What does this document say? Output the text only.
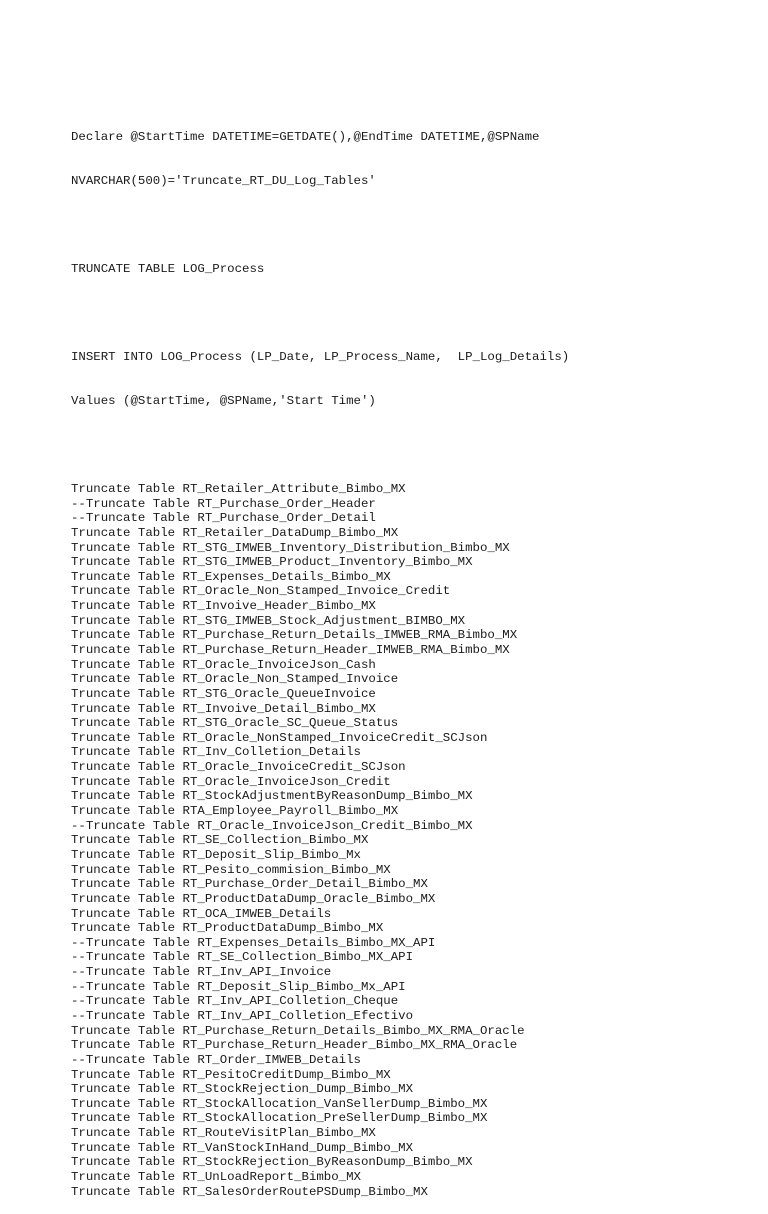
Declare @StartTime DATETIME=GETDATE(),@EndTime DATETIME,@SPName

NVARCHAR(500)='Truncate_RT_DU_Log_Tables'

TRUNCATE TABLE LOG_Process

INSERT INTO LOG_Process (LP_Date, LP_Process_Name,  LP_Log_Details)

Values (@StartTime, @SPName,'Start Time')

Truncate Table RT_Retailer_Attribute_Bimbo_MX
--Truncate Table RT_Purchase_Order_Header
--Truncate Table RT_Purchase_Order_Detail
Truncate Table RT_Retailer_DataDump_Bimbo_MX
Truncate Table RT_STG_IMWEB_Inventory_Distribution_Bimbo_MX
Truncate Table RT_STG_IMWEB_Product_Inventory_Bimbo_MX
Truncate Table RT_Expenses_Details_Bimbo_MX
Truncate Table RT_Oracle_Non_Stamped_Invoice_Credit
Truncate Table RT_Invoive_Header_Bimbo_MX
Truncate Table RT_STG_IMWEB_Stock_Adjustment_BIMBO_MX
Truncate Table RT_Purchase_Return_Details_IMWEB_RMA_Bimbo_MX
Truncate Table RT_Purchase_Return_Header_IMWEB_RMA_Bimbo_MX
Truncate Table RT_Oracle_InvoiceJson_Cash
Truncate Table RT_Oracle_Non_Stamped_Invoice
Truncate Table RT_STG_Oracle_QueueInvoice
Truncate Table RT_Invoive_Detail_Bimbo_MX
Truncate Table RT_STG_Oracle_SC_Queue_Status
Truncate Table RT_Oracle_NonStamped_InvoiceCredit_SCJson
Truncate Table RT_Inv_Colletion_Details
Truncate Table RT_Oracle_InvoiceCredit_SCJson
Truncate Table RT_Oracle_InvoiceJson_Credit
Truncate Table RT_StockAdjustmentByReasonDump_Bimbo_MX
Truncate Table RTA_Employee_Payroll_Bimbo_MX
--Truncate Table RT_Oracle_InvoiceJson_Credit_Bimbo_MX
Truncate Table RT_SE_Collection_Bimbo_MX
Truncate Table RT_Deposit_Slip_Bimbo_Mx
Truncate Table RT_Pesito_commision_Bimbo_MX
Truncate Table RT_Purchase_Order_Detail_Bimbo_MX
Truncate Table RT_ProductDataDump_Oracle_Bimbo_MX
Truncate Table RT_OCA_IMWEB_Details
Truncate Table RT_ProductDataDump_Bimbo_MX
--Truncate Table RT_Expenses_Details_Bimbo_MX_API
--Truncate Table RT_SE_Collection_Bimbo_MX_API
--Truncate Table RT_Inv_API_Invoice
--Truncate Table RT_Deposit_Slip_Bimbo_Mx_API
--Truncate Table RT_Inv_API_Colletion_Cheque
--Truncate Table RT_Inv_API_Colletion_Efectivo
Truncate Table RT_Purchase_Return_Details_Bimbo_MX_RMA_Oracle
Truncate Table RT_Purchase_Return_Header_Bimbo_MX_RMA_Oracle
--Truncate Table RT_Order_IMWEB_Details
Truncate Table RT_PesitoCreditDump_Bimbo_MX
Truncate Table RT_StockRejection_Dump_Bimbo_MX
Truncate Table RT_StockAllocation_VanSellerDump_Bimbo_MX
Truncate Table RT_StockAllocation_PreSellerDump_Bimbo_MX
Truncate Table RT_RouteVisitPlan_Bimbo_MX
Truncate Table RT_VanStockInHand_Dump_Bimbo_MX
Truncate Table RT_StockRejection_ByReasonDump_Bimbo_MX
Truncate Table RT_UnLoadReport_Bimbo_MX
Truncate Table RT_SalesOrderRoutePSDump_Bimbo_MX
